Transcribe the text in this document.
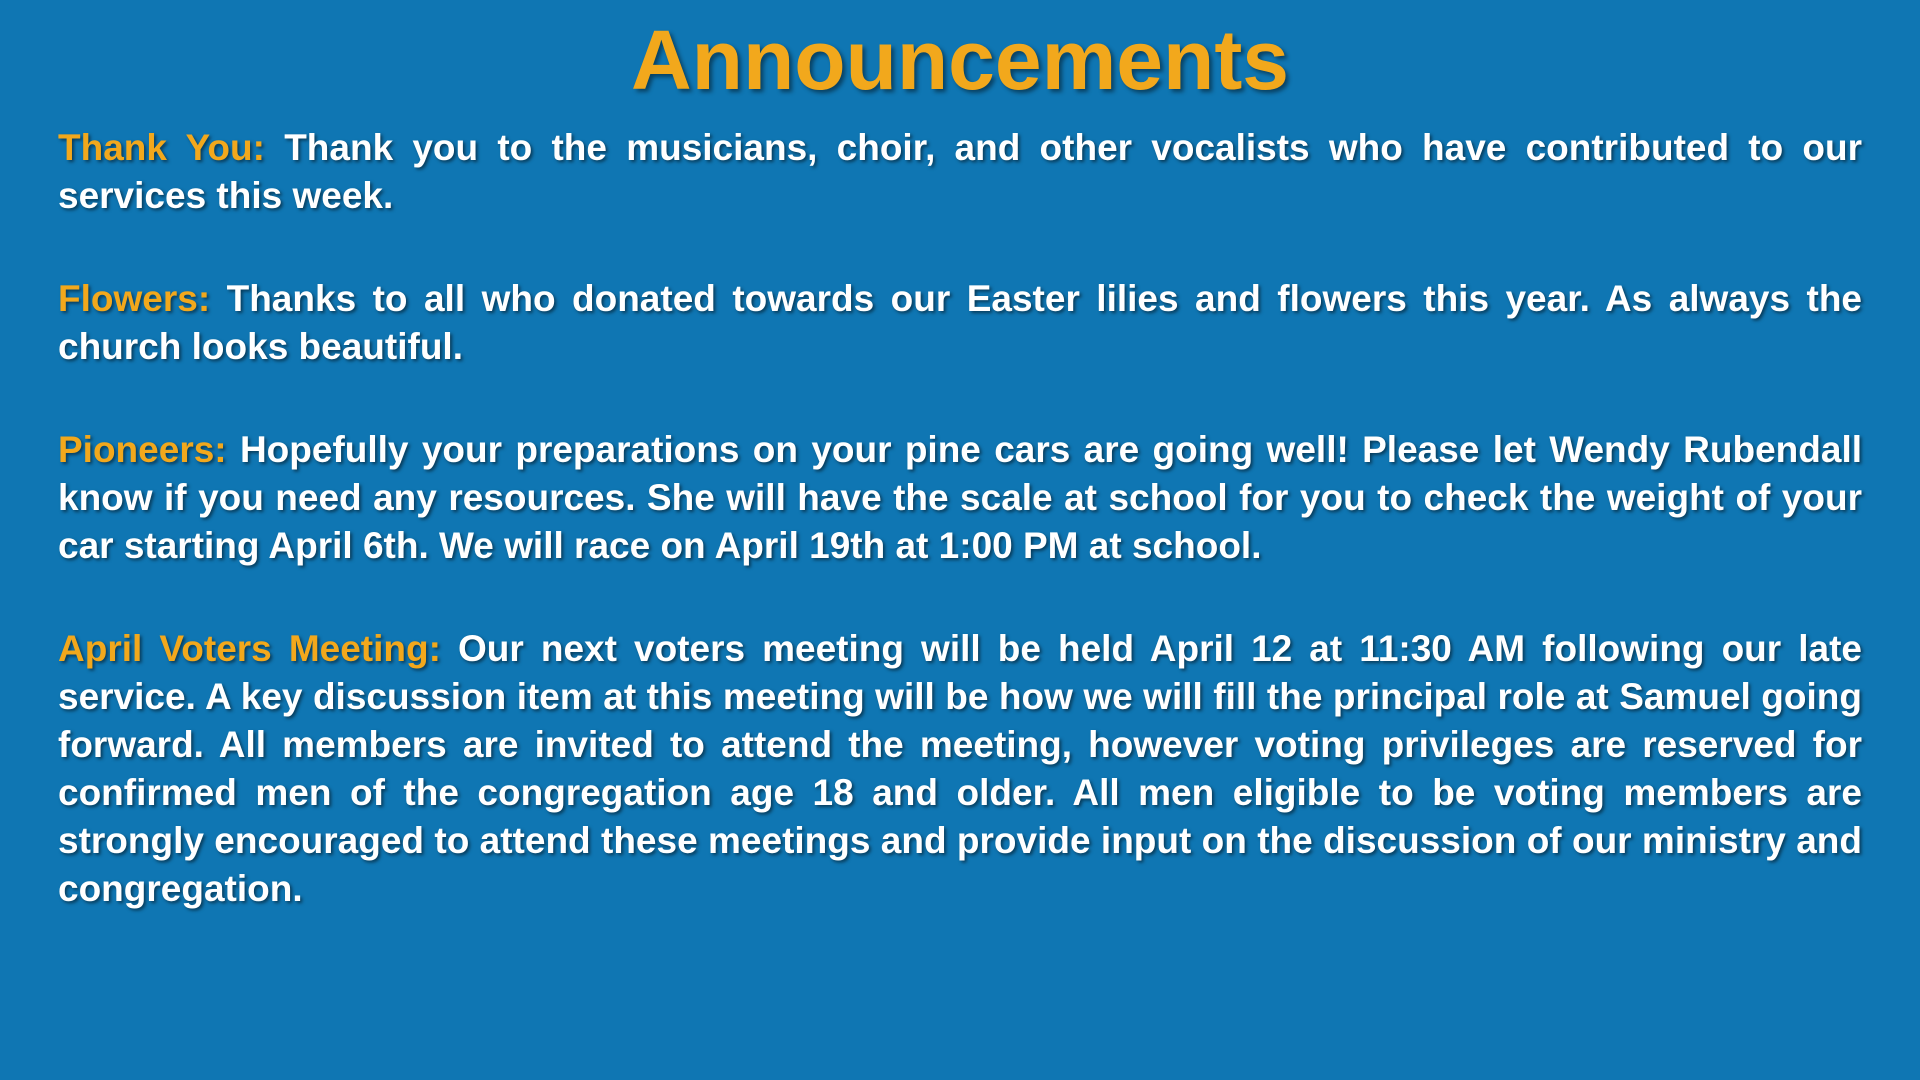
Announcements

Thank You: Thank you to the musicians, choir, and other vocalists who have contributed to our services this week.

Flowers: Thanks to all who donated towards our Easter lilies and flowers this year. As always the church looks beautiful.

Pioneers: Hopefully your preparations on your pine cars are going well! Please let Wendy Rubendall know if you need any resources. She will have the scale at school for you to check the weight of your car starting April 6th. We will race on April 19th at 1:00 PM at school.

April Voters Meeting: Our next voters meeting will be held April 12 at 11:30 AM following our late service. A key discussion item at this meeting will be how we will fill the principal role at Samuel going forward. All members are invited to attend the meeting, however voting privileges are reserved for confirmed men of the congregation age 18 and older. All men eligible to be voting members are strongly encouraged to attend these meetings and provide input on the discussion of our ministry and congregation.
